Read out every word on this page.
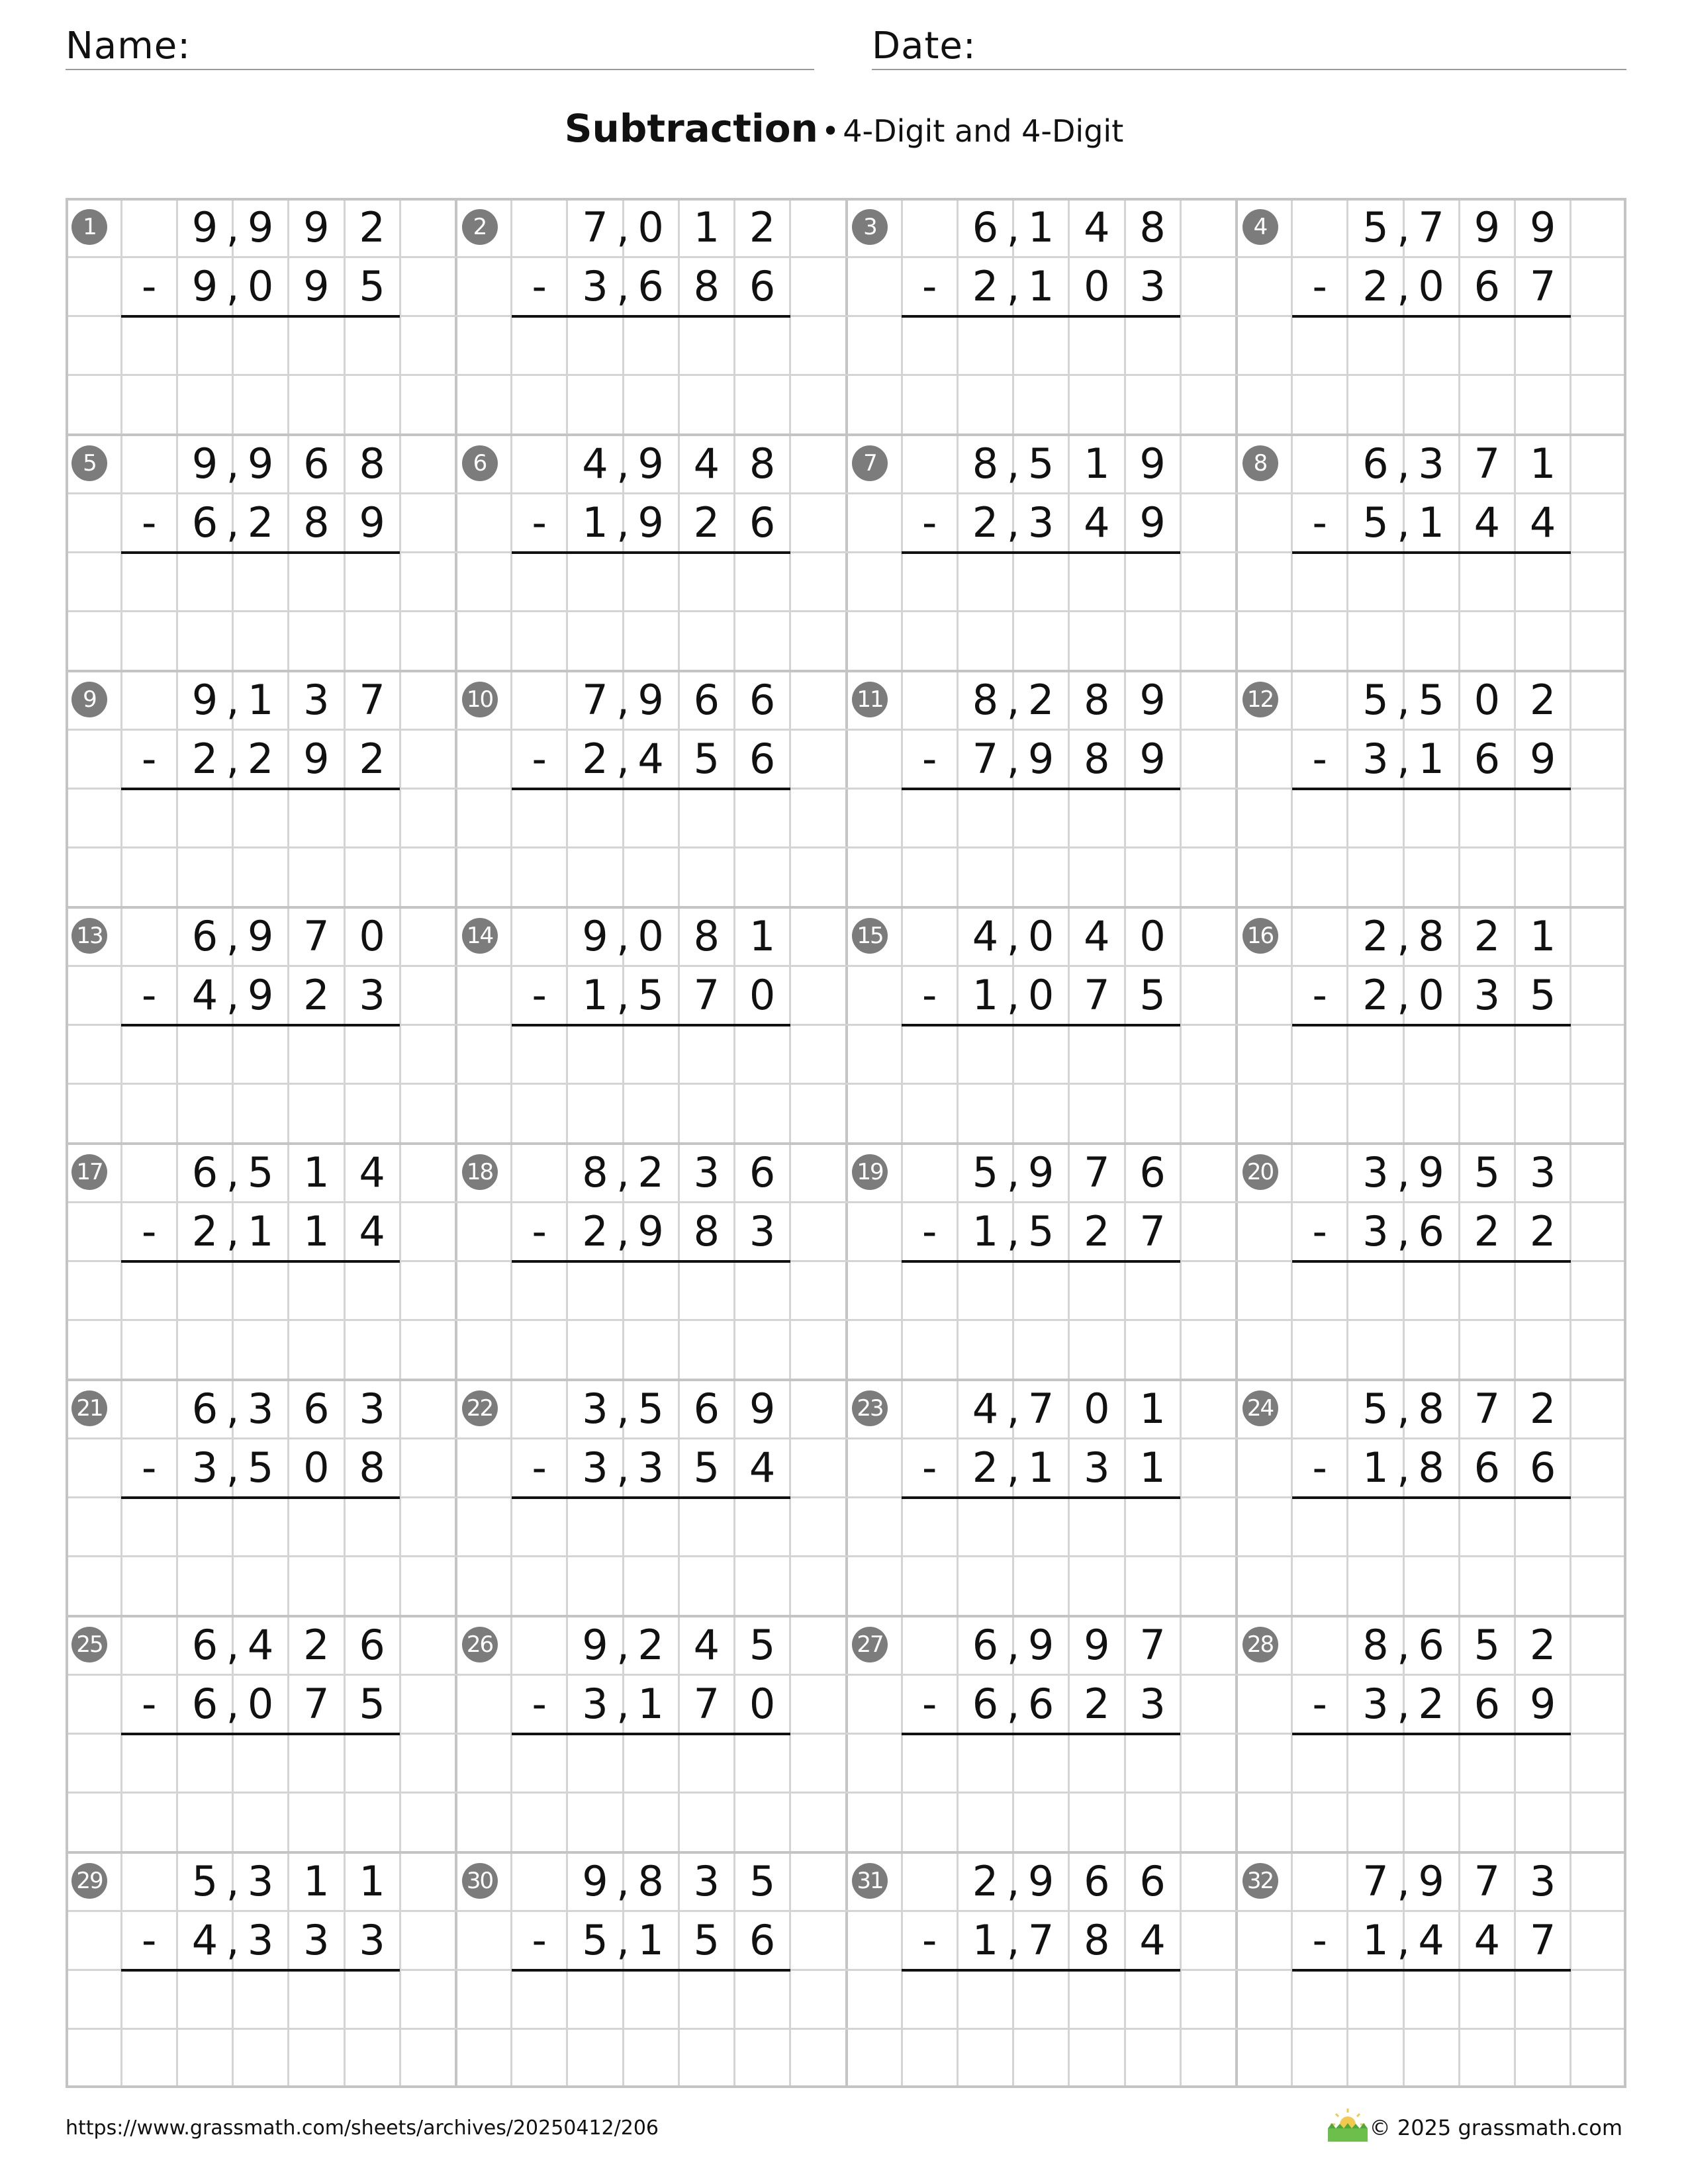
Name:	Date:
Subtraction • 4-Digit and 4-Digit
1	9 9 9 2
,
9 0 9 5
,
-
2	7 0 1 2
,
3 6 8 6
,
-
3	6 1 4 8
,
2 1 0 3
,
-
4	5 7 9 9
,
2 0 6 7
,
-
5	9 9 6 8
,
6 2 8 9
,
-
6	4 9 4 8
,
1 9 2 6
,
-
7	8 5 1 9
,
2 3 4 9
,
-
8	6 3 7 1
,
5 1 4 4
,
-
9	9 1 3 7
,
2 2 9 2
,
-
10	7 9 6 6
,
2 4 5 6
,
-
11	8 2 8 9
,
7 9 8 9
,
-
12	5 5 0 2
,
3 1 6 9
,
-
13	6 9 7 0
,
4 9 2 3
,
-
14	9 0 8 1
,
1 5 7 0
,
-
15	4 0 4 0
,
1 0 7 5
,
-
16	2 8 2 1
,
2 0 3 5
,
-
17	6 5 1 4
,
2 1 1 4
,
-
18	8 2 3 6
,
2 9 8 3
,
-
19	5 9 7 6
,
1 5 2 7
,
-
20	3 9 5 3
,
3 6 2 2
,
-
21	6 3 6 3
,
3 5 0 8
,
-
22	3 5 6 9
,
3 3 5 4
,
-
23	4 7 0 1
,
2 1 3 1
,
-
24	5 8 7 2
,
1 8 6 6
,
-
25	6 4 2 6
,
6 0 7 5
,
-
26	9 2 4 5
,
3 1 7 0
,
-
27	6 9 9 7
,
6 6 2 3
,
-
28	8 6 5 2
,
3 2 6 9
,
-
29	5 3 1 1
,
4 3 3 3
,
-
30	9 8 3 5
,
5 1 5 6
,
-
31	2 9 6 6
,
1 7 8 4
,
-
32	7 9 7 3
,
1 4 4 7
,
-
https://www.grassmath.com/sheets/archives/20250412/206	© 2025 grassmath.com
